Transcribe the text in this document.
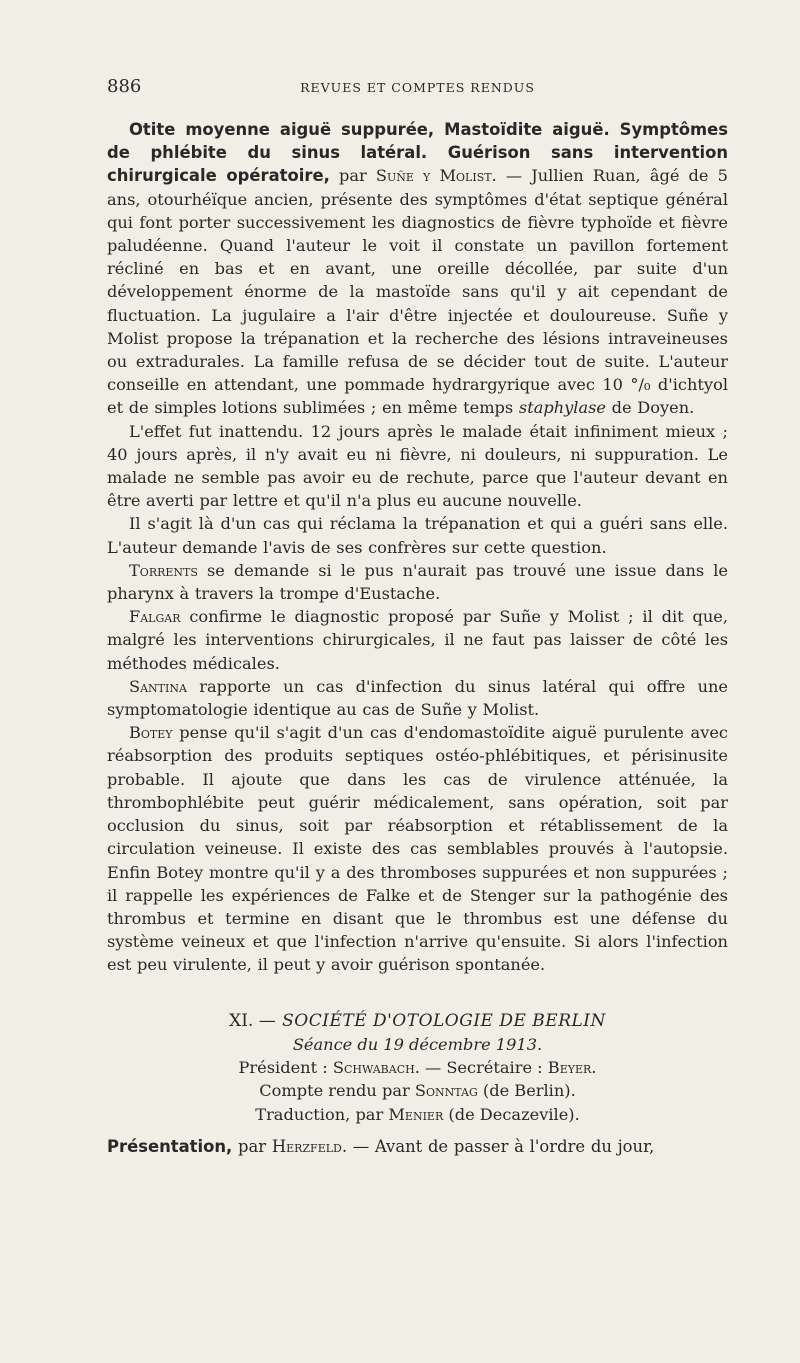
886	REVUES ET COMPTES RENDUS

Otite moyenne aiguë suppurée, Mastoïdite aiguë. Symptômes de phlébite du sinus latéral. Guérison sans intervention chirurgicale opératoire, par Suñe y Molist. — Jullien Ruan, âgé de 5 ans, otourhéïque ancien, présente des symptômes d'état septique général qui font porter successivement les diagnostics de fièvre typhoïde et fièvre paludéenne. Quand l'auteur le voit il constate un pavillon fortement récliné en bas et en avant, une oreille décollée, par suite d'un développement énorme de la mastoïde sans qu'il y ait cependant de fluctuation. La jugulaire a l'air d'être injectée et douloureuse. Suñe y Molist propose la trépanation et la recherche des lésions intraveineuses ou extradurales. La famille refusa de se décider tout de suite. L'auteur conseille en attendant, une pommade hydrargyrique avec 10 °/₀ d'ichtyol et de simples lotions sublimées ; en même temps staphylase de Doyen.

L'effet fut inattendu. 12 jours après le malade était infiniment mieux ; 40 jours après, il n'y avait eu ni fièvre, ni douleurs, ni suppuration. Le malade ne semble pas avoir eu de rechute, parce que l'auteur devant en être averti par lettre et qu'il n'a plus eu aucune nouvelle.

Il s'agit là d'un cas qui réclama la trépanation et qui a guéri sans elle. L'auteur demande l'avis de ses confrères sur cette question.

Torrents se demande si le pus n'aurait pas trouvé une issue dans le pharynx à travers la trompe d'Eustache.

Falgar confirme le diagnostic proposé par Suñe y Molist ; il dit que, malgré les interventions chirurgicales, il ne faut pas laisser de côté les méthodes médicales.

Santina rapporte un cas d'infection du sinus latéral qui offre une symptomatologie identique au cas de Suñe y Molist.

Botey pense qu'il s'agit d'un cas d'endomastoïdite aiguë purulente avec réabsorption des produits septiques ostéo-phlébitiques, et périsinusite probable. Il ajoute que dans les cas de virulence atténuée, la thrombophlébite peut guérir médicalement, sans opération, soit par occlusion du sinus, soit par réabsorption et rétablissement de la circulation veineuse. Il existe des cas semblables prouvés à l'autopsie. Enfin Botey montre qu'il y a des thromboses suppurées et non suppurées ; il rappelle les expériences de Falke et de Stenger sur la pathogénie des thrombus et termine en disant que le thrombus est une défense du système veineux et que l'infection n'arrive qu'ensuite. Si alors l'infection est peu virulente, il peut y avoir guérison spontanée.

XI. — SOCIÉTÉ D'OTOLOGIE DE BERLIN

Séance du 19 décembre 1913.

Président : Schwabach. — Secrétaire : Beyer.

Compte rendu par Sonntag (de Berlin).

Traduction, par Menier (de Decazevile).

Présentation, par Herzfeld. — Avant de passer à l'ordre du jour,
